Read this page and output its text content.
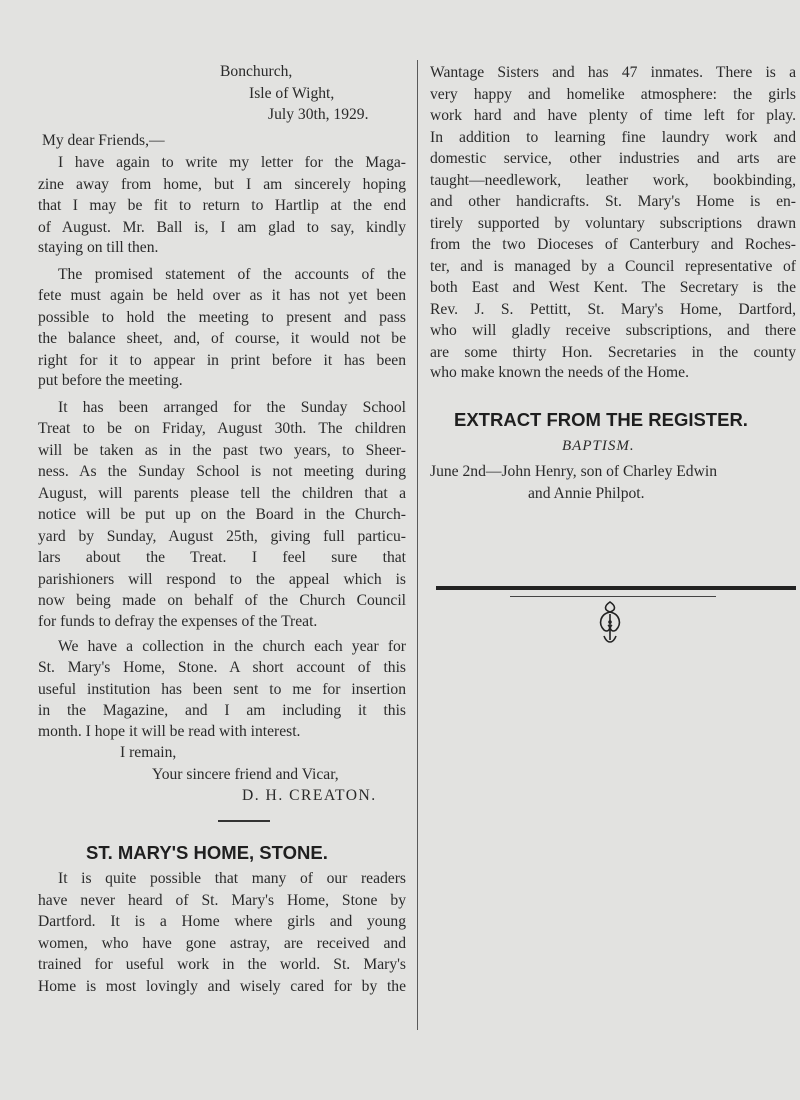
Bonchurch,
Isle of Wight,
July 30th, 1929.
My dear Friends,—
I have again to write my letter for the Maga-
zine away from home, but I am sincerely hoping
that I may be fit to return to Hartlip at the end
of August. Mr. Ball is, I am glad to say, kindly
staying on till then.
The promised statement of the accounts of the
fete must again be held over as it has not yet been
possible to hold the meeting to present and pass
the balance sheet, and, of course, it would not be
right for it to appear in print before it has been
put before the meeting.
It has been arranged for the Sunday School
Treat to be on Friday, August 30th. The children
will be taken as in the past two years, to Sheer-
ness. As the Sunday School is not meeting during
August, will parents please tell the children that a
notice will be put up on the Board in the Church-
yard by Sunday, August 25th, giving full particu-
lars about the Treat. I feel sure that
parishioners will respond to the appeal which is
now being made on behalf of the Church Council
for funds to defray the expenses of the Treat.
We have a collection in the church each year for
St. Mary's Home, Stone. A short account of this
useful institution has been sent to me for insertion
in the Magazine, and I am including it this
month. I hope it will be read with interest.
I remain,
Your sincere friend and Vicar,
D. H. CREATON.
ST. MARY'S HOME, STONE.
It is quite possible that many of our readers
have never heard of St. Mary's Home, Stone by
Dartford. It is a Home where girls and young
women, who have gone astray, are received and
trained for useful work in the world. St. Mary's
Home is most lovingly and wisely cared for by the
Wantage Sisters and has 47 inmates. There is a
very happy and homelike atmosphere: the girls
work hard and have plenty of time left for play.
In addition to learning fine laundry work and
domestic service, other industries and arts are
taught—needlework, leather work, bookbinding,
and other handicrafts. St. Mary's Home is en-
tirely supported by voluntary subscriptions drawn
from the two Dioceses of Canterbury and Roches-
ter, and is managed by a Council representative of
both East and West Kent. The Secretary is the
Rev. J. S. Pettitt, St. Mary's Home, Dartford,
who will gladly receive subscriptions, and there
are some thirty Hon. Secretaries in the county
who make known the needs of the Home.
EXTRACT FROM THE REGISTER.
BAPTISM.
June 2nd—John Henry, son of Charley Edwin
and Annie Philpot.
